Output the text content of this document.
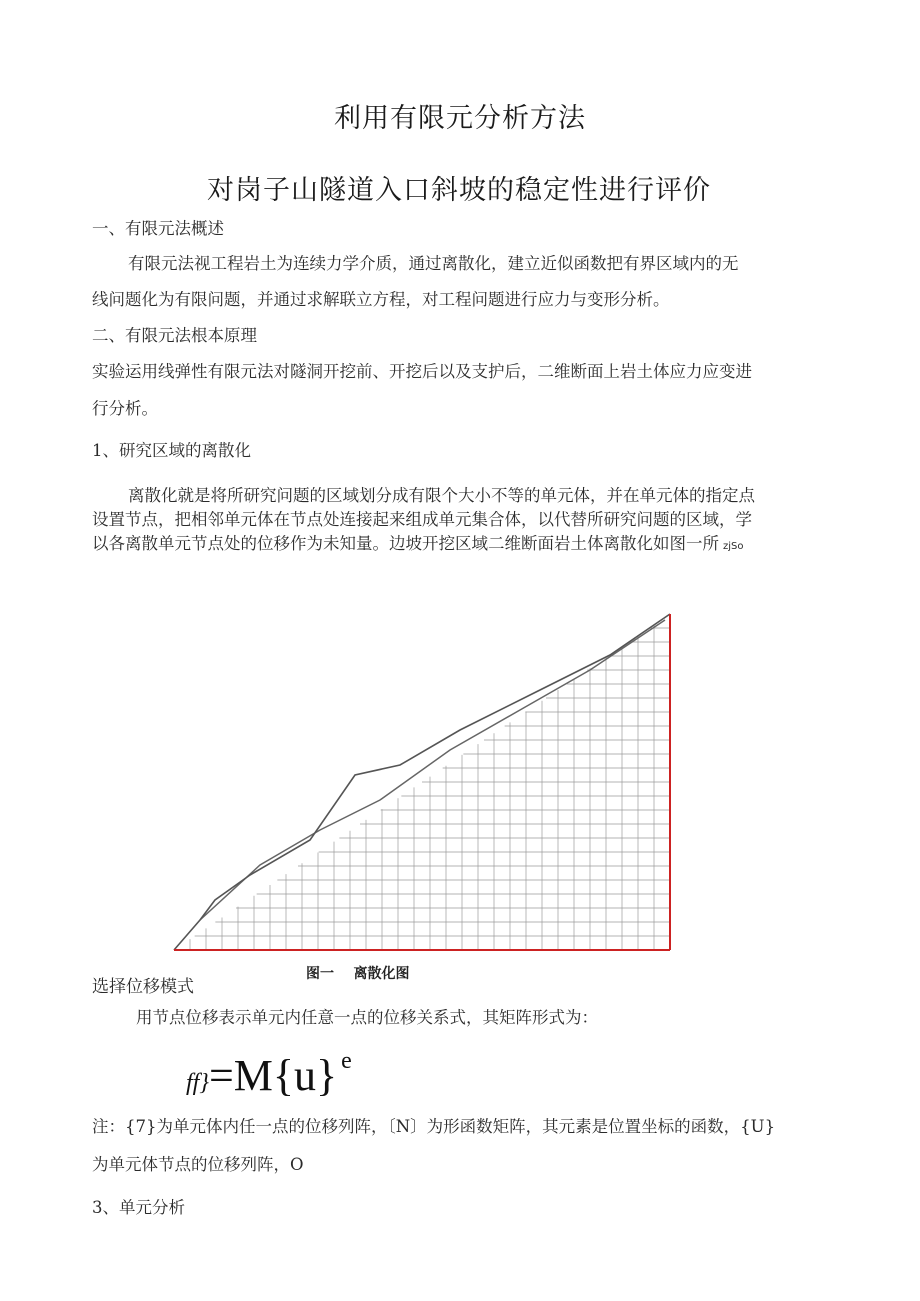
利用有限元分析方法
对岗子山隧道入口斜坡的稳定性进行评价
一、有限元法概述
有限元法视工程岩土为连续力学介质，通过离散化，建立近似函数把有界区域内的无
线问题化为有限问题，并通过求解联立方程，对工程问题进行应力与变形分析。
二、有限元法根本原理
实验运用线弹性有限元法对隧洞开挖前、开挖后以及支护后，二维断面上岩土体应力应变进
行分析。
1、研究区域的离散化
离散化就是将所研究问题的区域划分成有限个大小不等的单元体，并在单元体的指定点
设置节点，把相邻单元体在节点处连接起来组成单元集合体，以代替所研究问题的区域，学
以各离散单元节点处的位移作为未知量。边坡开挖区域二维断面岩土体离散化如图一所 zjSo
图一    离散化图
选择位移模式
用节点位移表示单元内任意一点的位移关系式，其矩阵形式为：
ff}=M{u} $^e$
注：{7}为单元体内任一点的位移列阵，〔N〕为形函数矩阵，其元素是位置坐标的函数，{U}
为单元体节点的位移列阵，O
3、单元分析
